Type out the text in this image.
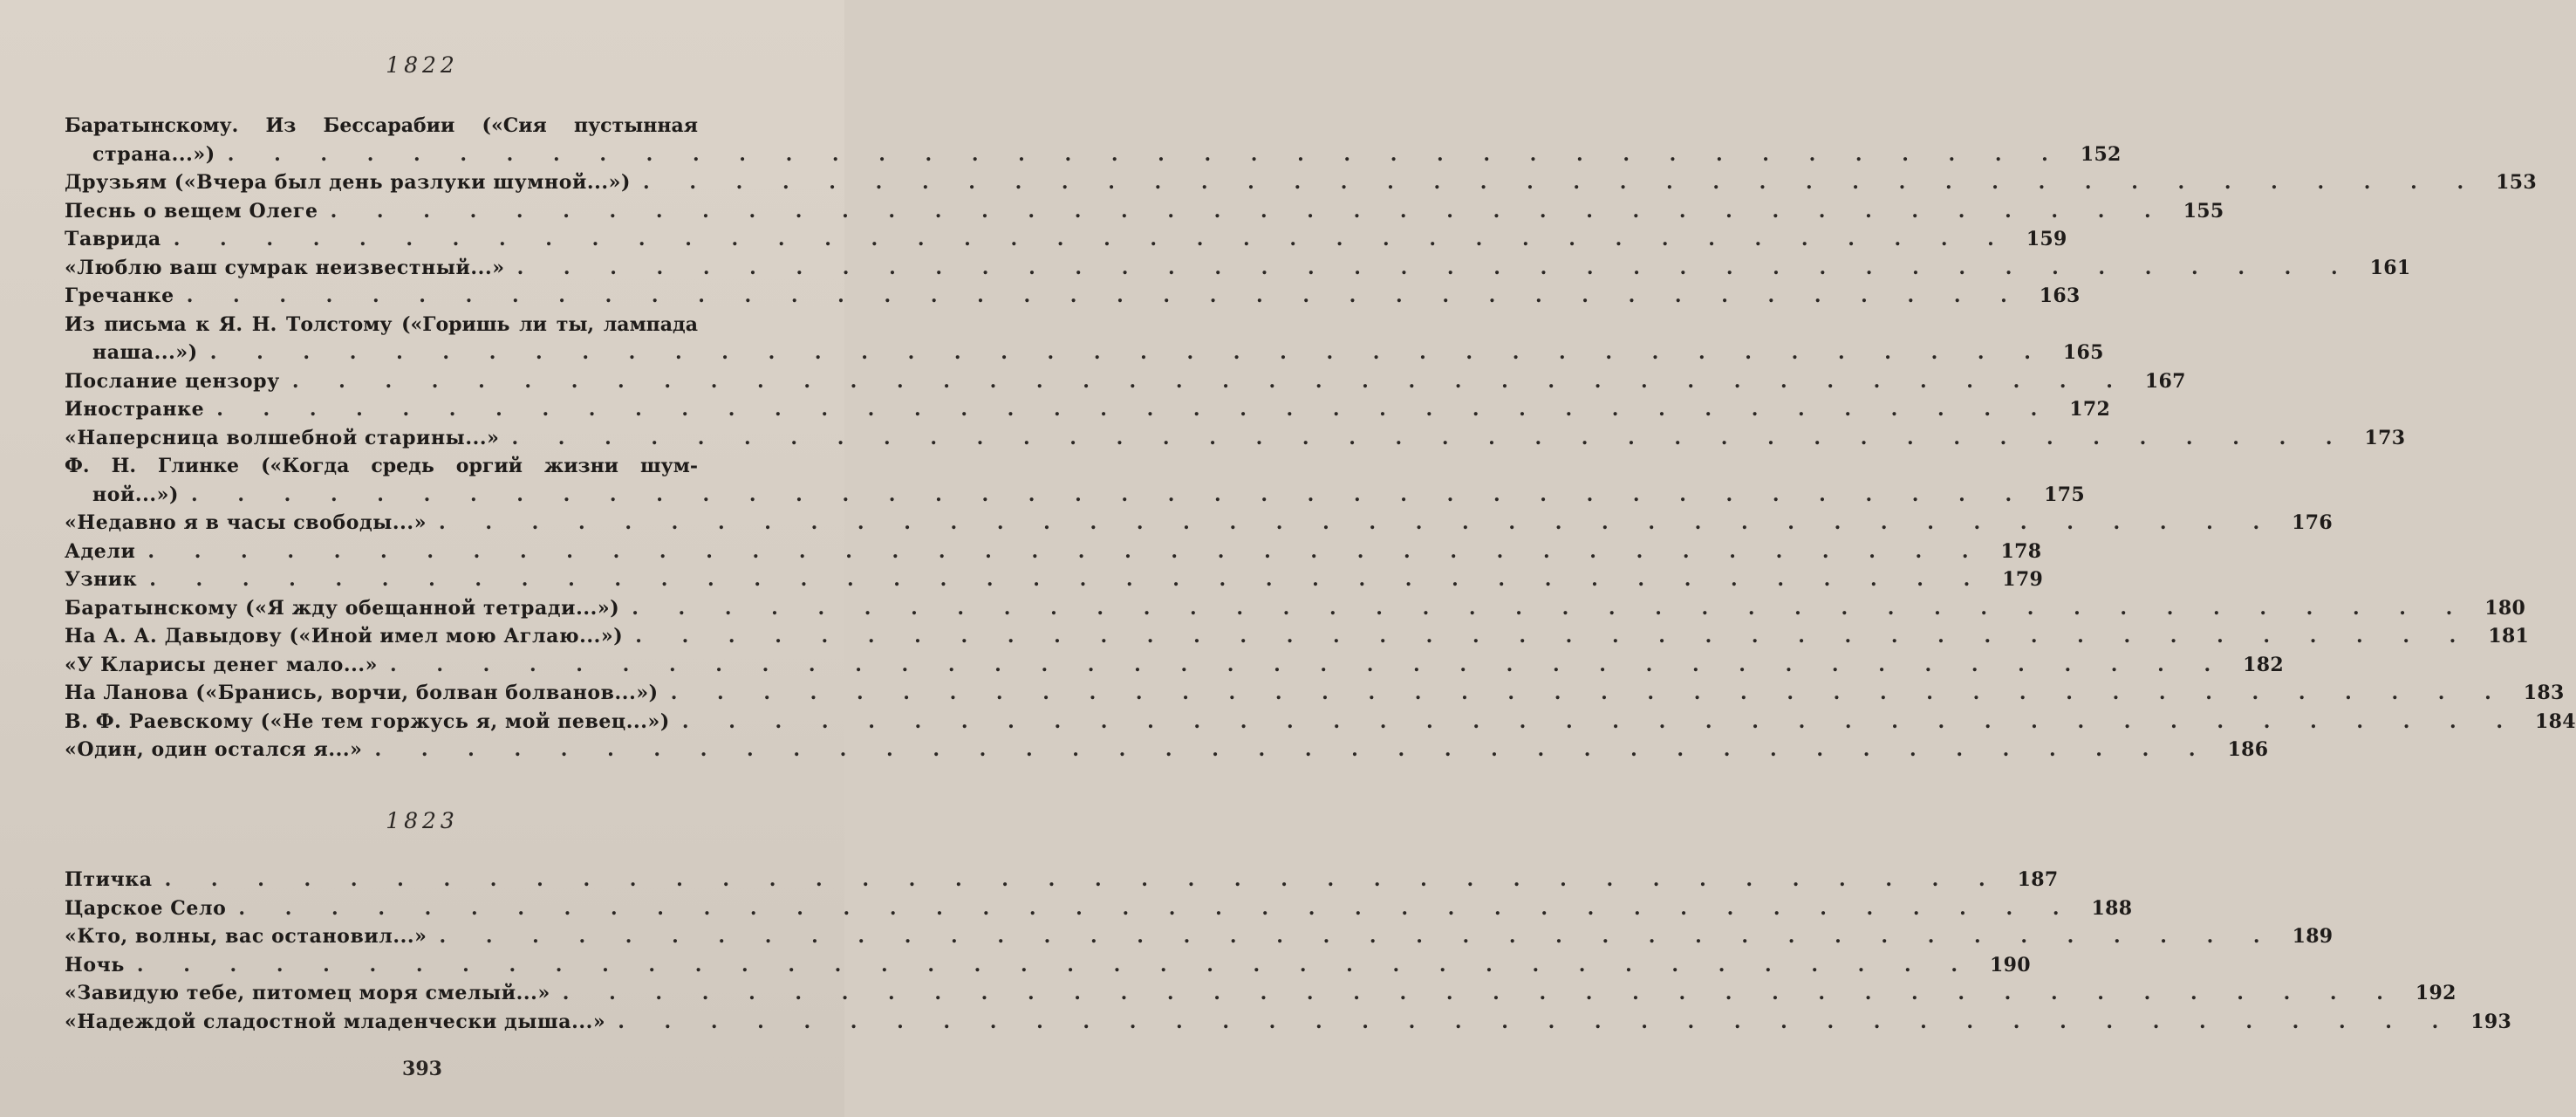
1822
Баратынскому. Из Бессарабии («Сия пустынная
страна...») . . . . . . . . . . . . . . . . . . . . . . . . . . . . . . . . . . . . . . . . 152
Друзьям («Вчера был день разлуки шумной...») . . . . . . . . . . . . . . . . . . . . . . . . . . . . . . . . . . . . . . . . 153
Песнь о вещем Олеге . . . . . . . . . . . . . . . . . . . . . . . . . . . . . . . . . . . . . . . . 155
Таврида . . . . . . . . . . . . . . . . . . . . . . . . . . . . . . . . . . . . . . . . 159
«Люблю ваш сумрак неизвестный...» . . . . . . . . . . . . . . . . . . . . . . . . . . . . . . . . . . . . . . . . 161
Гречанке . . . . . . . . . . . . . . . . . . . . . . . . . . . . . . . . . . . . . . . . 163
Из письма к Я. Н. Толстому («Горишь ли ты, лампада
наша...») . . . . . . . . . . . . . . . . . . . . . . . . . . . . . . . . . . . . . . . . 165
Послание цензору . . . . . . . . . . . . . . . . . . . . . . . . . . . . . . . . . . . . . . . . 167
Иностранке . . . . . . . . . . . . . . . . . . . . . . . . . . . . . . . . . . . . . . . . 172
«Наперсница волшебной старины...» . . . . . . . . . . . . . . . . . . . . . . . . . . . . . . . . . . . . . . . . 173
Ф. Н. Глинке («Когда средь оргий жизни шум-
ной...») . . . . . . . . . . . . . . . . . . . . . . . . . . . . . . . . . . . . . . . . 175
«Недавно я в часы свободы...» . . . . . . . . . . . . . . . . . . . . . . . . . . . . . . . . . . . . . . . . 176
Адели . . . . . . . . . . . . . . . . . . . . . . . . . . . . . . . . . . . . . . . . 178
Узник . . . . . . . . . . . . . . . . . . . . . . . . . . . . . . . . . . . . . . . . 179
Баратынскому («Я жду обещанной тетради...») . . . . . . . . . . . . . . . . . . . . . . . . . . . . . . . . . . . . . . . . 180
На А. А. Давыдову («Иной имел мою Аглаю...») . . . . . . . . . . . . . . . . . . . . . . . . . . . . . . . . . . . . . . . . 181
«У Клариcы денег мало...» . . . . . . . . . . . . . . . . . . . . . . . . . . . . . . . . . . . . . . . . 182
На Ланова («Бранись, ворчи, болван болванов...») . . . . . . . . . . . . . . . . . . . . . . . . . . . . . . . . . . . . . . . . 183
В. Ф. Раевскому («Не тем горжусь я, мой певец...») . . . . . . . . . . . . . . . . . . . . . . . . . . . . . . . . . . . . . . . . 184
«Один, один остался я...» . . . . . . . . . . . . . . . . . . . . . . . . . . . . . . . . . . . . . . . . 186
1823
Птичка . . . . . . . . . . . . . . . . . . . . . . . . . . . . . . . . . . . . . . . . 187
Царское Село . . . . . . . . . . . . . . . . . . . . . . . . . . . . . . . . . . . . . . . . 188
«Кто, волны, вас остановил...» . . . . . . . . . . . . . . . . . . . . . . . . . . . . . . . . . . . . . . . . 189
Ночь . . . . . . . . . . . . . . . . . . . . . . . . . . . . . . . . . . . . . . . . 190
«Завидую тебе, питомец моря смелый...» . . . . . . . . . . . . . . . . . . . . . . . . . . . . . . . . . . . . . . . . 192
«Надеждой сладостной младенчески дыша...» . . . . . . . . . . . . . . . . . . . . . . . . . . . . . . . . . . . . . . . . 193
393
